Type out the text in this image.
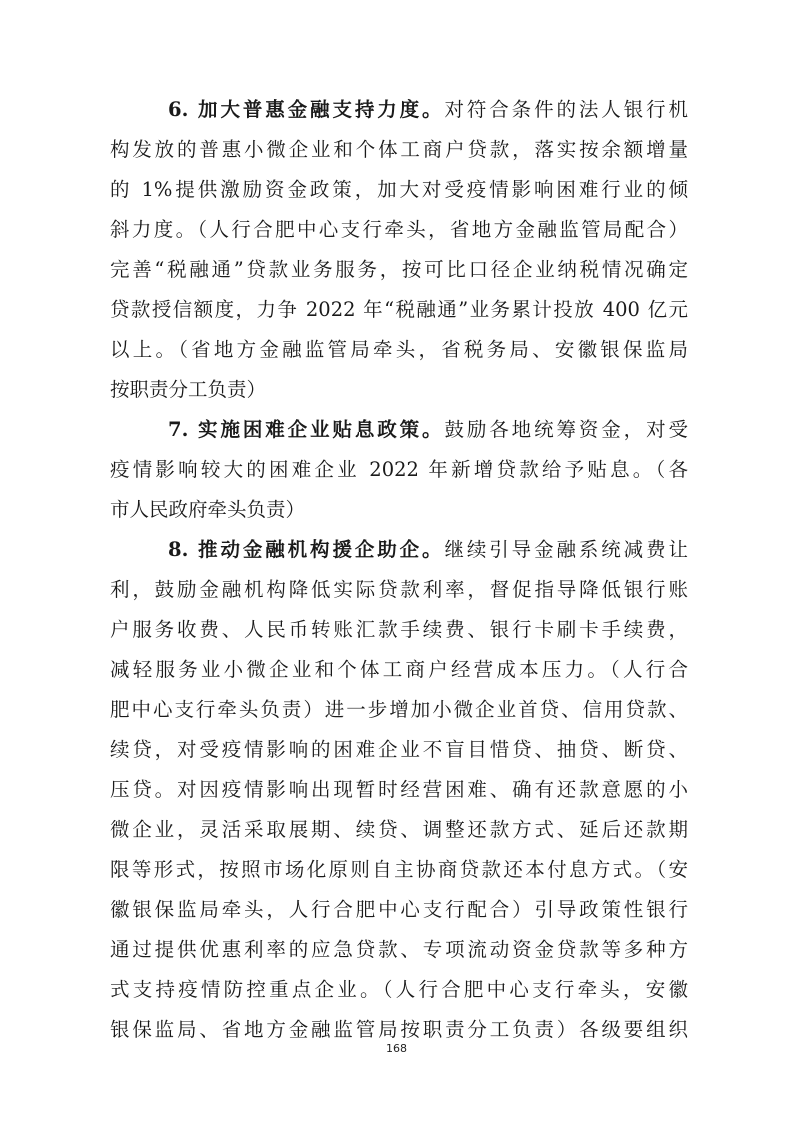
6. 加大普惠金融支持力度。对符合条件的法人银行机
构发放的普惠小微企业和个体工商户贷款，落实按余额增量
的 1%提供激励资金政策，加大对受疫情影响困难行业的倾
斜力度。（人行合肥中心支行牵头，省地方金融监管局配合）
完善“税融通”贷款业务服务，按可比口径企业纳税情况确定
贷款授信额度，力争 2022 年“税融通”业务累计投放 400 亿元
以上。（省地方金融监管局牵头，省税务局、安徽银保监局
按职责分工负责）
7. 实施困难企业贴息政策。鼓励各地统筹资金，对受
疫情影响较大的困难企业 2022 年新增贷款给予贴息。（各
市人民政府牵头负责）
8. 推动金融机构援企助企。继续引导金融系统减费让
利，鼓励金融机构降低实际贷款利率，督促指导降低银行账
户服务收费、人民币转账汇款手续费、银行卡刷卡手续费，
减轻服务业小微企业和个体工商户经营成本压力。（人行合
肥中心支行牵头负责）进一步增加小微企业首贷、信用贷款、
续贷，对受疫情影响的困难企业不盲目惜贷、抽贷、断贷、
压贷。对因疫情影响出现暂时经营困难、确有还款意愿的小
微企业，灵活采取展期、续贷、调整还款方式、延后还款期
限等形式，按照市场化原则自主协商贷款还本付息方式。（安
徽银保监局牵头，人行合肥中心支行配合）引导政策性银行
通过提供优惠利率的应急贷款、专项流动资金贷款等多种方
式支持疫情防控重点企业。（人行合肥中心支行牵头，安徽
银保监局、省地方金融监管局按职责分工负责）各级要组织
168
